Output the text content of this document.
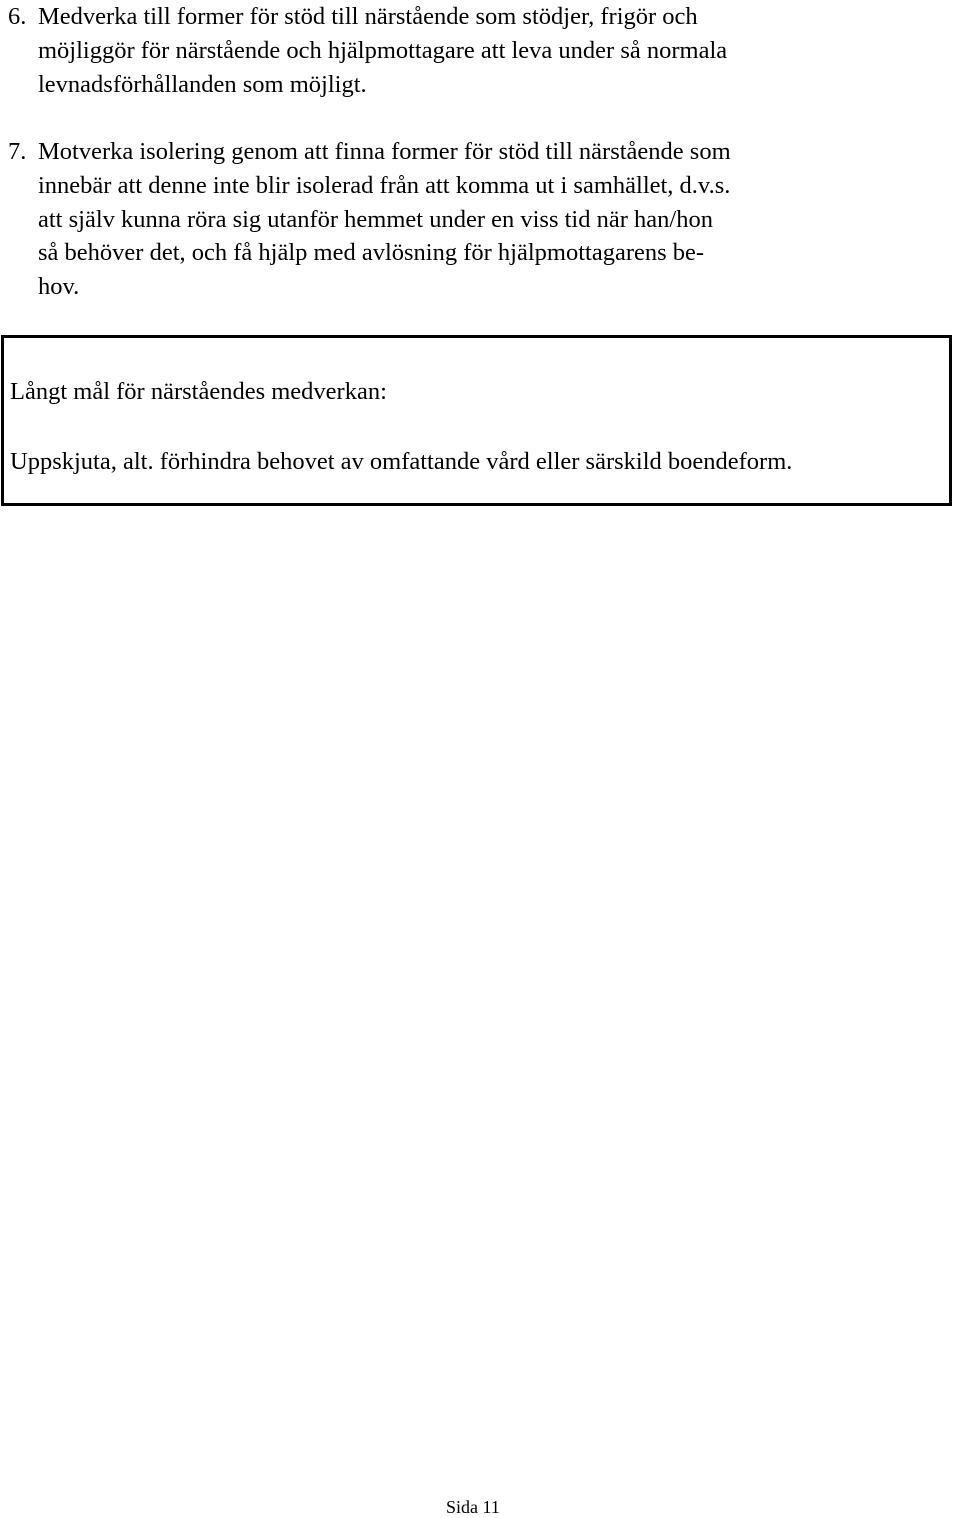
6. Medverka till former för stöd till närstående som stödjer, frigör och
möjliggör för närstående och hjälpmottagare att leva under så normala
levnadsförhållanden som möjligt.
7. Motverka isolering genom att finna former för stöd till närstående som
innebär att denne inte blir isolerad från att komma ut i samhället, d.v.s.
att själv kunna röra sig utanför hemmet under en viss tid när han/hon
så behöver det, och få hjälp med avlösning för hjälpmottagarens be-
hov.
Långt mål för närståendes medverkan:
Uppskjuta, alt. förhindra behovet av omfattande vård eller särskild boendeform.
Sida 11
